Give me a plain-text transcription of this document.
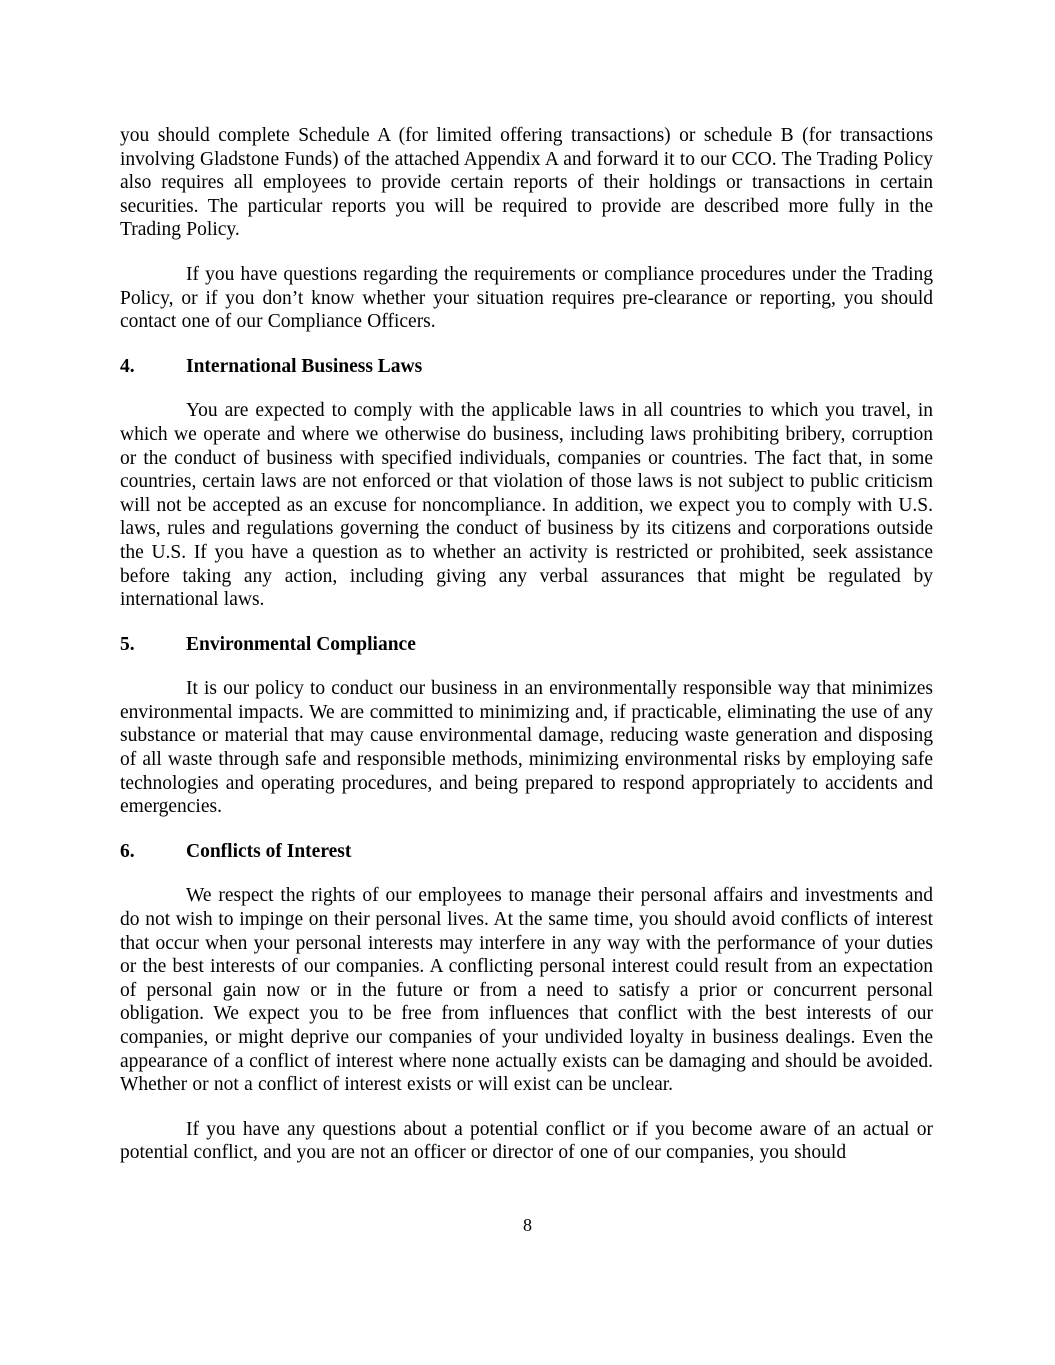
you should complete Schedule A (for limited offering transactions) or schedule B (for transactions involving Gladstone Funds) of the attached Appendix A and forward it to our CCO. The Trading Policy also requires all employees to provide certain reports of their holdings or transactions in certain securities. The particular reports you will be required to provide are described more fully in the Trading Policy.

If you have questions regarding the requirements or compliance procedures under the Trading Policy, or if you don’t know whether your situation requires pre-clearance or reporting, you should contact one of our Compliance Officers.

4.	International Business Laws

You are expected to comply with the applicable laws in all countries to which you travel, in which we operate and where we otherwise do business, including laws prohibiting bribery, corruption or the conduct of business with specified individuals, companies or countries. The fact that, in some countries, certain laws are not enforced or that violation of those laws is not subject to public criticism will not be accepted as an excuse for noncompliance. In addition, we expect you to comply with U.S. laws, rules and regulations governing the conduct of business by its citizens and corporations outside the U.S. If you have a question as to whether an activity is restricted or prohibited, seek assistance before taking any action, including giving any verbal assurances that might be regulated by international laws.

5.	Environmental Compliance

It is our policy to conduct our business in an environmentally responsible way that minimizes environmental impacts. We are committed to minimizing and, if practicable, eliminating the use of any substance or material that may cause environmental damage, reducing waste generation and disposing of all waste through safe and responsible methods, minimizing environmental risks by employing safe technologies and operating procedures, and being prepared to respond appropriately to accidents and emergencies.

6.	Conflicts of Interest

We respect the rights of our employees to manage their personal affairs and investments and do not wish to impinge on their personal lives. At the same time, you should avoid conflicts of interest that occur when your personal interests may interfere in any way with the performance of your duties or the best interests of our companies. A conflicting personal interest could result from an expectation of personal gain now or in the future or from a need to satisfy a prior or concurrent personal obligation. We expect you to be free from influences that conflict with the best interests of our companies, or might deprive our companies of your undivided loyalty in business dealings. Even the appearance of a conflict of interest where none actually exists can be damaging and should be avoided. Whether or not a conflict of interest exists or will exist can be unclear.

If you have any questions about a potential conflict or if you become aware of an actual or potential conflict, and you are not an officer or director of one of our companies, you should

8
